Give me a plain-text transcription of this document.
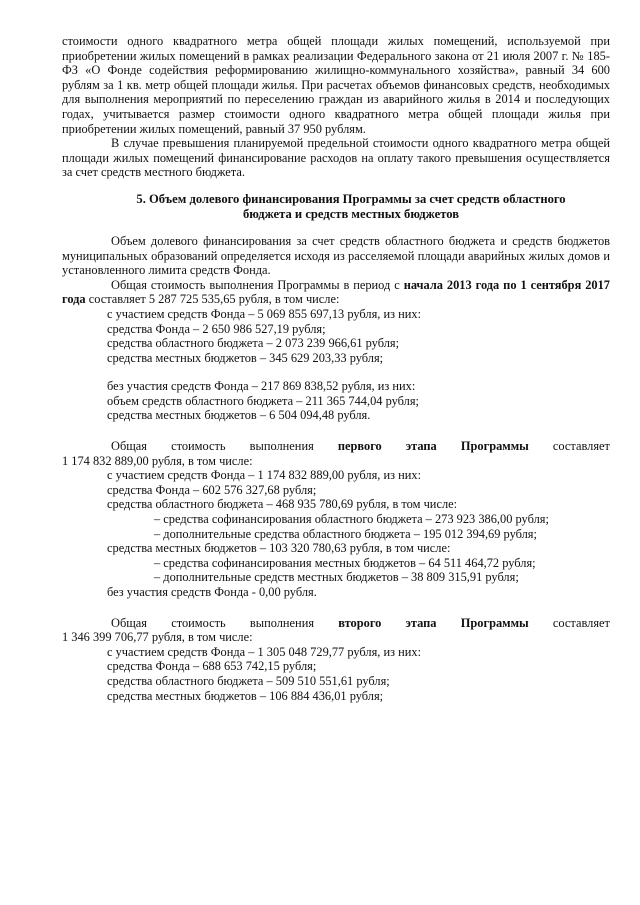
стоимости одного квадратного метра общей площади жилых помещений, используемой при приобретении жилых помещений в рамках реализации Федерального закона от 21 июля 2007 г. № 185-ФЗ «О Фонде содействия реформированию жилищно-коммунального хозяйства», равный 34 600 рублям за 1 кв. метр общей площади жилья. При расчетах объемов финансовых средств, необходимых для выполнения мероприятий по переселению граждан из аварийного жилья в 2014 и последующих годах, учитывается размер стоимости одного квадратного метра общей площади жилья при приобретении жилых помещений, равный 37 950 рублям.

В случае превышения планируемой предельной стоимости одного квадратного метра общей площади жилых помещений финансирование расходов на оплату такого превышения осуществляется за счет средств местного бюджета.

5. Объем долевого финансирования Программы за счет средств областного
бюджета и средств местных бюджетов

Объем долевого финансирования за счет средств областного бюджета и средств бюджетов муниципальных образований определяется исходя из расселяемой площади аварийных жилых домов и установленного лимита средств Фонда.

Общая стоимость выполнения Программы в период с начала 2013 года по 1 сентября 2017 года составляет 5 287 725 535,65 рубля, в том числе:

с участием средств Фонда – 5 069 855 697,13 рубля, из них:
средства Фонда – 2 650 986 527,19 рубля;
средства областного бюджета – 2 073 239 966,61 рубля;
средства местных бюджетов – 345 629 203,33 рубля;
без участия средств Фонда – 217 869 838,52 рубля, из них:
объем средств областного бюджета – 211 365 744,04 рубля;
средства местных бюджетов – 6 504 094,48 рубля.

Общая стоимость выполнения первого этапа Программы составляет

1 174 832 889,00 рубля, в том числе:
с участием средств Фонда – 1 174 832 889,00 рубля, из них:
средства Фонда – 602 576 327,68 рубля;
средства областного бюджета – 468 935 780,69 рубля, в том числе:
– средства софинансирования областного бюджета – 273 923 386,00 рубля;
– дополнительные средства областного бюджета – 195 012 394,69 рубля;
средства местных бюджетов – 103 320 780,63 рубля, в том числе:
– средства софинансирования местных бюджетов – 64 511 464,72 рубля;
– дополнительные средств местных бюджетов – 38 809 315,91 рубля;
без участия средств Фонда - 0,00 рубля.

Общая стоимость выполнения второго этапа Программы составляет

1 346 399 706,77 рубля, в том числе:
с участием средств Фонда – 1 305 048 729,77 рубля, из них:
средства Фонда – 688 653 742,15 рубля;
средства областного бюджета – 509 510 551,61 рубля;
средства местных бюджетов – 106 884 436,01 рубля;
